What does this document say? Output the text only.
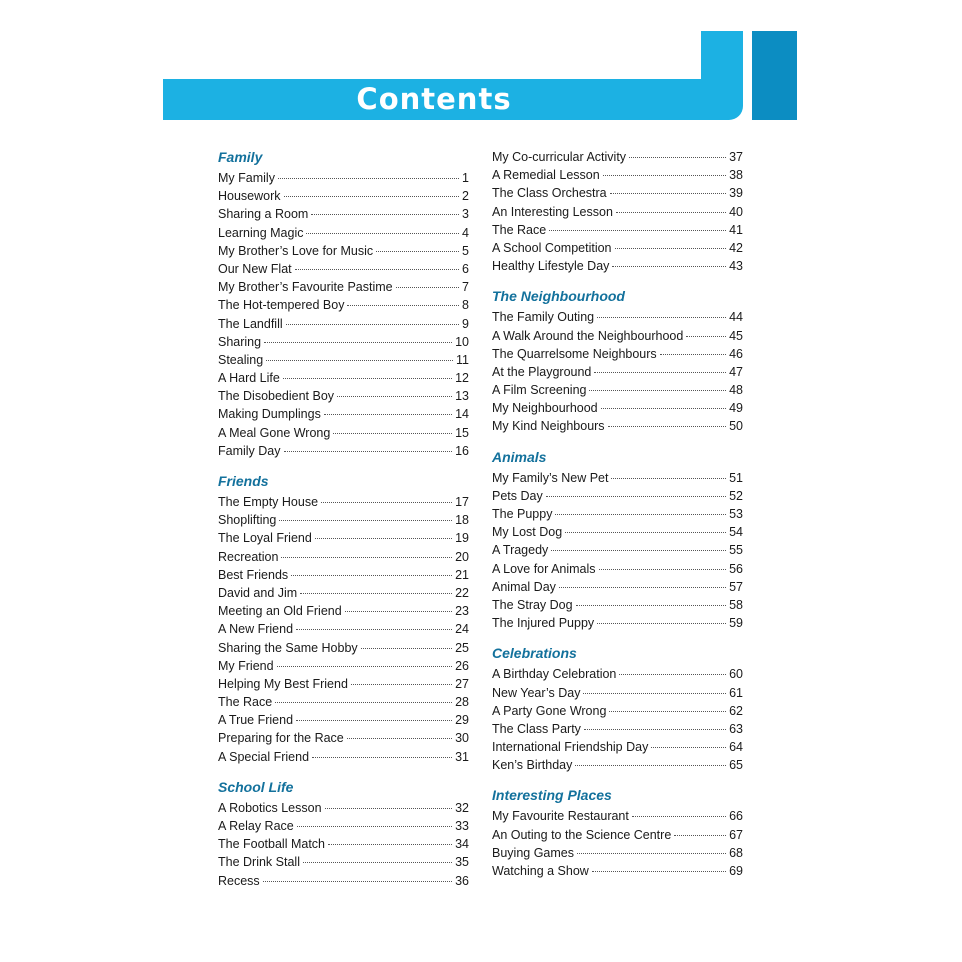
Contents
Family
My Family	1
Housework	2
Sharing a Room	3
Learning Magic	4
My Brother’s Love for Music	5
Our New Flat	6
My Brother’s Favourite Pastime	7
The Hot-tempered Boy	8
The Landfill	9
Sharing	10
Stealing	11
A Hard Life	12
The Disobedient Boy	13
Making Dumplings	14
A Meal Gone Wrong	15
Family Day	16
Friends
The Empty House	17
Shoplifting	18
The Loyal Friend	19
Recreation	20
Best Friends	21
David and Jim	22
Meeting an Old Friend	23
A New Friend	24
Sharing the Same Hobby	25
My Friend	26
Helping My Best Friend	27
The Race	28
A True Friend	29
Preparing for the Race	30
A Special Friend	31
School Life
A Robotics Lesson	32
A Relay Race	33
The Football Match	34
The Drink Stall	35
Recess	36
My Co-curricular Activity	37
A Remedial Lesson	38
The Class Orchestra	39
An Interesting Lesson	40
The Race	41
A School Competition	42
Healthy Lifestyle Day	43
The Neighbourhood
The Family Outing	44
A Walk Around the Neighbourhood	45
The Quarrelsome Neighbours	46
At the Playground	47
A Film Screening	48
My Neighbourhood	49
My Kind Neighbours	50
Animals
My Family’s New Pet	51
Pets Day	52
The Puppy	53
My Lost Dog	54
A Tragedy	55
A Love for Animals	56
Animal Day	57
The Stray Dog	58
The Injured Puppy	59
Celebrations
A Birthday Celebration	60
New Year’s Day	61
A Party Gone Wrong	62
The Class Party	63
International Friendship Day	64
Ken’s Birthday	65
Interesting Places
My Favourite Restaurant	66
An Outing to the Science Centre	67
Buying Games	68
Watching a Show	69
